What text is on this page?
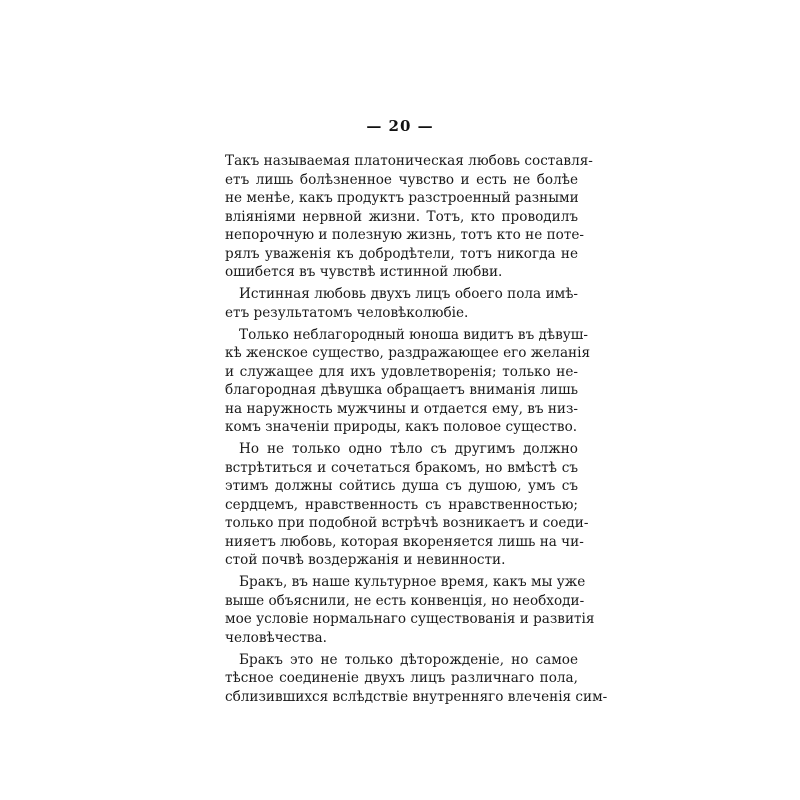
— 20 —
Такъ называемая платоническая любовь составля-
етъ лишь болѣзненное чувство и есть не болѣе
не менѣе, какъ продуктъ разстроенный разными
вліяніями нервной жизни. Тотъ, кто проводилъ
непорочную и полезную жизнь, тотъ кто не поте-
рялъ уваженія къ добродѣтели, тотъ никогда не
ошибется въ чувствѣ истинной любви.
Истинная любовь двухъ лицъ обоего пола имѣ-
етъ результатомъ человѣколюбіе.
Только неблагородный юноша видитъ въ дѣвуш-
кѣ женское существо, раздражающее его желанія
и служащее для ихъ удовлетворенія; только не-
благородная дѣвушка обращаетъ вниманія лишь
на наружность мужчины и отдается ему, въ низ-
комъ значеніи природы, какъ половое существо.
Но не только одно тѣло съ другимъ должно
встрѣтиться и сочетаться бракомъ, но вмѣстѣ съ
этимъ должны сойтись душа съ душою, умъ съ
сердцемъ, нравственность съ нравственностью;
только при подобной встрѣчѣ возникаетъ и соеди-
нияетъ любовь, которая вкореняется лишь на чи-
стой почвѣ воздержанія и невинности.
Бракъ, въ наше культурное время, какъ мы уже
выше объяснили, не есть конвенція, но необходи-
мое условіе нормальнаго существованія и развитія
человѣчества.
Бракъ это не только дѣторожденіе, но самое
тѣсное соединеніе двухъ лицъ различнаго пола,
сблизившихся вслѣдствіе внутренняго влеченія сим-
